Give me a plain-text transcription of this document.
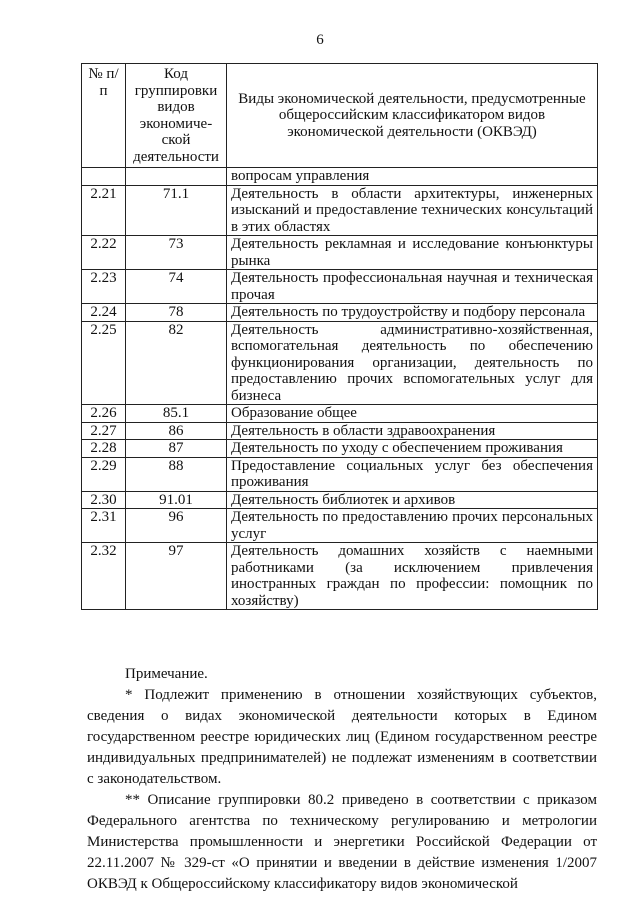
6
№ п/п	Код группировки видов экономиче-ской деятельности	Виды экономической деятельности, предусмотренные общероссийским классификатором видов экономической деятельности (ОКВЭД)
		вопросам управления
2.21	71.1	Деятельность в области архитектуры, инженерных изысканий и предоставление технических консультаций в этих областях
2.22	73	Деятельность рекламная и исследование конъюнктуры рынка
2.23	74	Деятельность профессиональная научная и техническая прочая
2.24	78	Деятельность по трудоустройству и подбору персонала
2.25	82	Деятельность административно-хозяйственная, вспомогательная деятельность по обеспечению функционирования организации, деятельность по предоставлению прочих вспомогательных услуг для бизнеса
2.26	85.1	Образование общее
2.27	86	Деятельность в области здравоохранения
2.28	87	Деятельность по уходу с обеспечением проживания
2.29	88	Предоставление социальных услуг без обеспечения проживания
2.30	91.01	Деятельность библиотек и архивов
2.31	96	Деятельность по предоставлению прочих персональных услуг
2.32	97	Деятельность домашних хозяйств с наемными работниками (за исключением привлечения иностранных граждан по профессии: помощник по хозяйству)

Примечание.

* Подлежит применению в отношении хозяйствующих субъектов, сведения о видах экономической деятельности которых в Едином государственном реестре юридических лиц (Едином государственном реестре индивидуальных предпринимателей) не подлежат изменениям в соответствии с законодательством.

** Описание группировки 80.2 приведено в соответствии с приказом Федерального агентства по техническому регулированию и метрологии Министерства промышленности и энергетики Российской Федерации от 22.11.2007 № 329-ст «О принятии и введении в действие изменения 1/2007 ОКВЭД к Общероссийскому классификатору видов экономической
